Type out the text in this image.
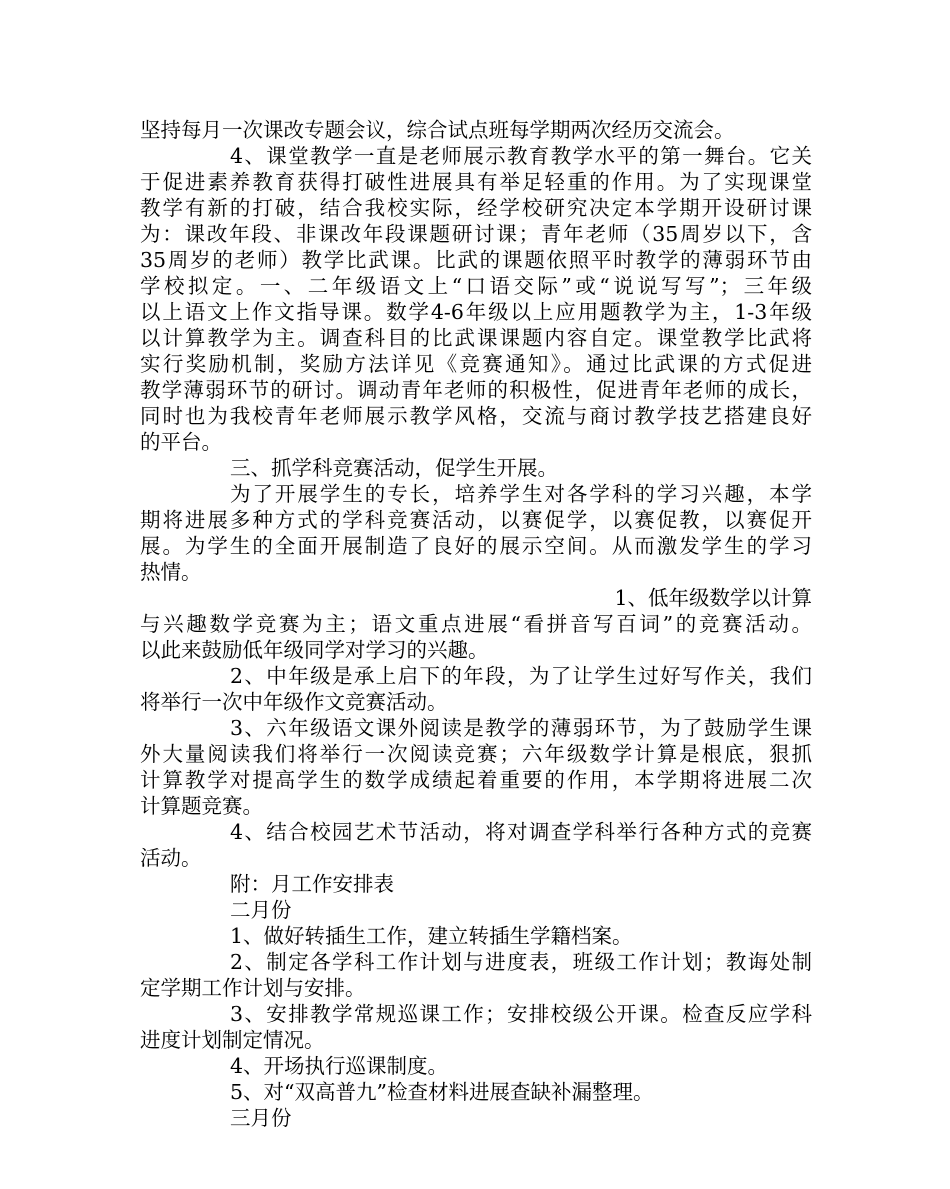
坚持每月一次课改专题会议，综合试点班每学期两次经历交流会。
4、课堂教学一直是老师展示教育教学水平的第一舞台。它关
于促进素养教育获得打破性进展具有举足轻重的作用。为了实现课堂
教学有新的打破，结合我校实际，经学校研究决定本学期开设研讨课
为：课改年段、非课改年段课题研讨课；青年老师（35周岁以下，含
35周岁的老师）教学比武课。比武的课题依照平时教学的薄弱环节由
学校拟定。一、二年级语文上“口语交际”或“说说写写”；三年级
以上语文上作文指导课。数学4-6年级以上应用题教学为主，1-3年级
以计算教学为主。调查科目的比武课课题内容自定。课堂教学比武将
实行奖励机制，奖励方法详见《竞赛通知》。通过比武课的方式促进
教学薄弱环节的研讨。调动青年老师的积极性，促进青年老师的成长，
同时也为我校青年老师展示教学风格，交流与商讨教学技艺搭建良好
的平台。
三、抓学科竞赛活动，促学生开展。
为了开展学生的专长，培养学生对各学科的学习兴趣，本学
期将进展多种方式的学科竞赛活动，以赛促学，以赛促教，以赛促开
展。为学生的全面开展制造了良好的展示空间。从而激发学生的学习
热情。
1、低年级数学以计算
与兴趣数学竞赛为主；语文重点进展“看拼音写百词”的竞赛活动。
以此来鼓励低年级同学对学习的兴趣。
2、中年级是承上启下的年段，为了让学生过好写作关，我们
将举行一次中年级作文竞赛活动。
3、六年级语文课外阅读是教学的薄弱环节，为了鼓励学生课
外大量阅读我们将举行一次阅读竞赛；六年级数学计算是根底，狠抓
计算教学对提高学生的数学成绩起着重要的作用，本学期将进展二次
计算题竞赛。
4、结合校园艺术节活动，将对调查学科举行各种方式的竞赛
活动。
附：月工作安排表
二月份
1、做好转插生工作，建立转插生学籍档案。
2、制定各学科工作计划与进度表，班级工作计划；教诲处制
定学期工作计划与安排。
3、安排教学常规巡课工作；安排校级公开课。检查反应学科
进度计划制定情况。
4、开场执行巡课制度。
5、对“双高普九”检查材料进展查缺补漏整理。
三月份
